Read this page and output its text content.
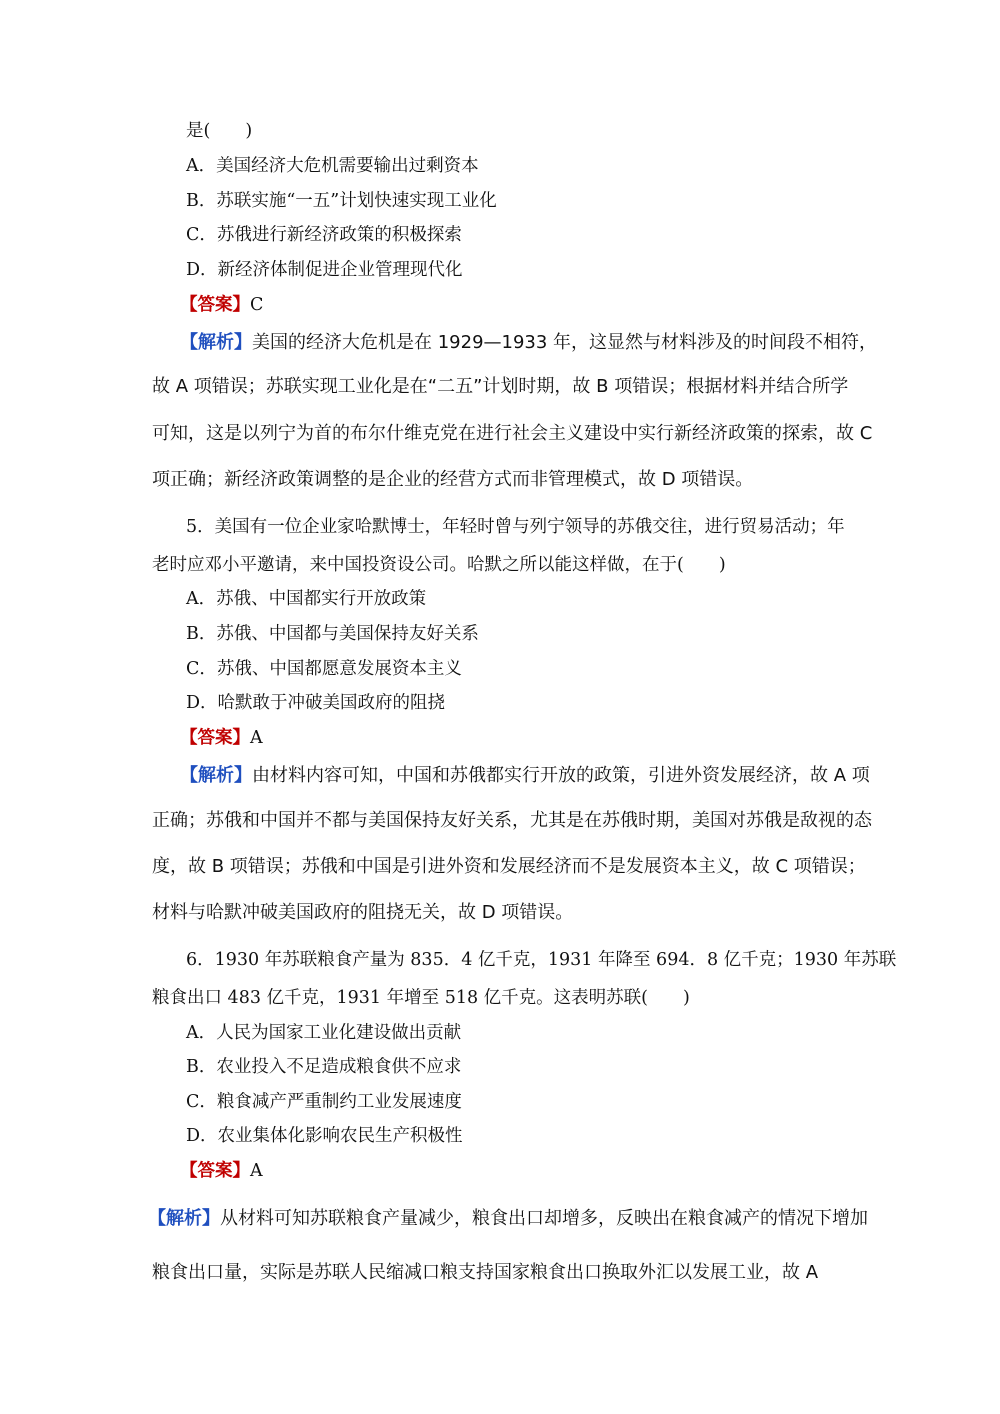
是(　　)
A．美国经济大危机需要输出过剩资本
B．苏联实施“一五”计划快速实现工业化
C．苏俄进行新经济政策的积极探索
D．新经济体制促进企业管理现代化
【答案】C
【解析】美国的经济大危机是在 1929—1933 年，这显然与材料涉及的时间段不相符，
故 A 项错误；苏联实现工业化是在“二五”计划时期，故 B 项错误；根据材料并结合所学
可知，这是以列宁为首的布尔什维克党在进行社会主义建设中实行新经济政策的探索，故 C
项正确；新经济政策调整的是企业的经营方式而非管理模式，故 D 项错误。
5．美国有一位企业家哈默博士，年轻时曾与列宁领导的苏俄交往，进行贸易活动；年
老时应邓小平邀请，来中国投资设公司。哈默之所以能这样做，在于(　　)
A．苏俄、中国都实行开放政策
B．苏俄、中国都与美国保持友好关系
C．苏俄、中国都愿意发展资本主义
D．哈默敢于冲破美国政府的阻挠
【答案】A
【解析】由材料内容可知，中国和苏俄都实行开放的政策，引进外资发展经济，故 A 项
正确；苏俄和中国并不都与美国保持友好关系，尤其是在苏俄时期，美国对苏俄是敌视的态
度，故 B 项错误；苏俄和中国是引进外资和发展经济而不是发展资本主义，故 C 项错误；
材料与哈默冲破美国政府的阻挠无关，故 D 项错误。
6．1930 年苏联粮食产量为 835．4 亿千克，1931 年降至 694．8 亿千克；1930 年苏联
粮食出口 483 亿千克，1931 年增至 518 亿千克。这表明苏联(　　)
A．人民为国家工业化建设做出贡献
B．农业投入不足造成粮食供不应求
C．粮食减产严重制约工业发展速度
D．农业集体化影响农民生产积极性
【答案】A
【解析】从材料可知苏联粮食产量减少，粮食出口却增多，反映出在粮食减产的情况下增加
粮食出口量，实际是苏联人民缩减口粮支持国家粮食出口换取外汇以发展工业，故 A
